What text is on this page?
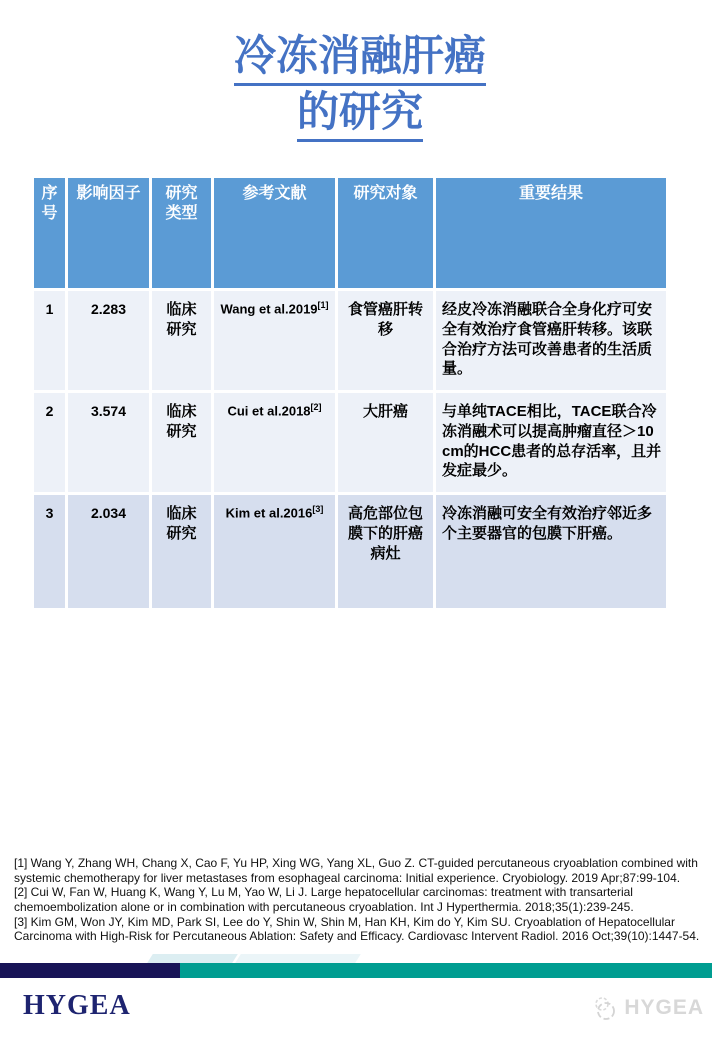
冷冻消融肝癌
的研究
序号	影响因子	研究类型	参考文献	研究对象	重要结果
1	2.283	临床研究	Wang et al.2019[1]	食管癌肝转移	经皮冷冻消融联合全身化疗可安全有效治疗食管癌肝转移。该联合治疗方法可改善患者的生活质量。
2	3.574	临床研究	Cui et al.2018[2]	大肝癌	与单纯TACE相比，TACE联合冷冻消融术可以提高肿瘤直径＞10 cm的HCC患者的总存活率，且并发症最少。
3	2.034	临床研究	Kim et al.2016[3]	高危部位包膜下的肝癌病灶	冷冻消融可安全有效治疗邻近多个主要器官的包膜下肝癌。

[1] Wang Y, Zhang WH, Chang X, Cao F, Yu HP, Xing WG, Yang XL, Guo Z. CT-guided percutaneous cryoablation combined with systemic chemotherapy for liver metastases from esophageal carcinoma: Initial experience. Cryobiology. 2019 Apr;87:99-104.

[2] Cui W, Fan W, Huang K, Wang Y, Lu M, Yao W, Li J. Large hepatocellular carcinomas: treatment with transarterial chemoembolization alone or in combination with percutaneous cryoablation. Int J Hyperthermia. 2018;35(1):239-245.

[3] Kim GM, Won JY, Kim MD, Park SI, Lee do Y, Shin W, Shin M, Han KH, Kim do Y, Kim SU. Cryoablation of Hepatocellular Carcinoma with High-Risk for Percutaneous Ablation: Safety and Efficacy. Cardiovasc Intervent Radiol. 2016 Oct;39(10):1447-54.

HYGEA	HYGEA
